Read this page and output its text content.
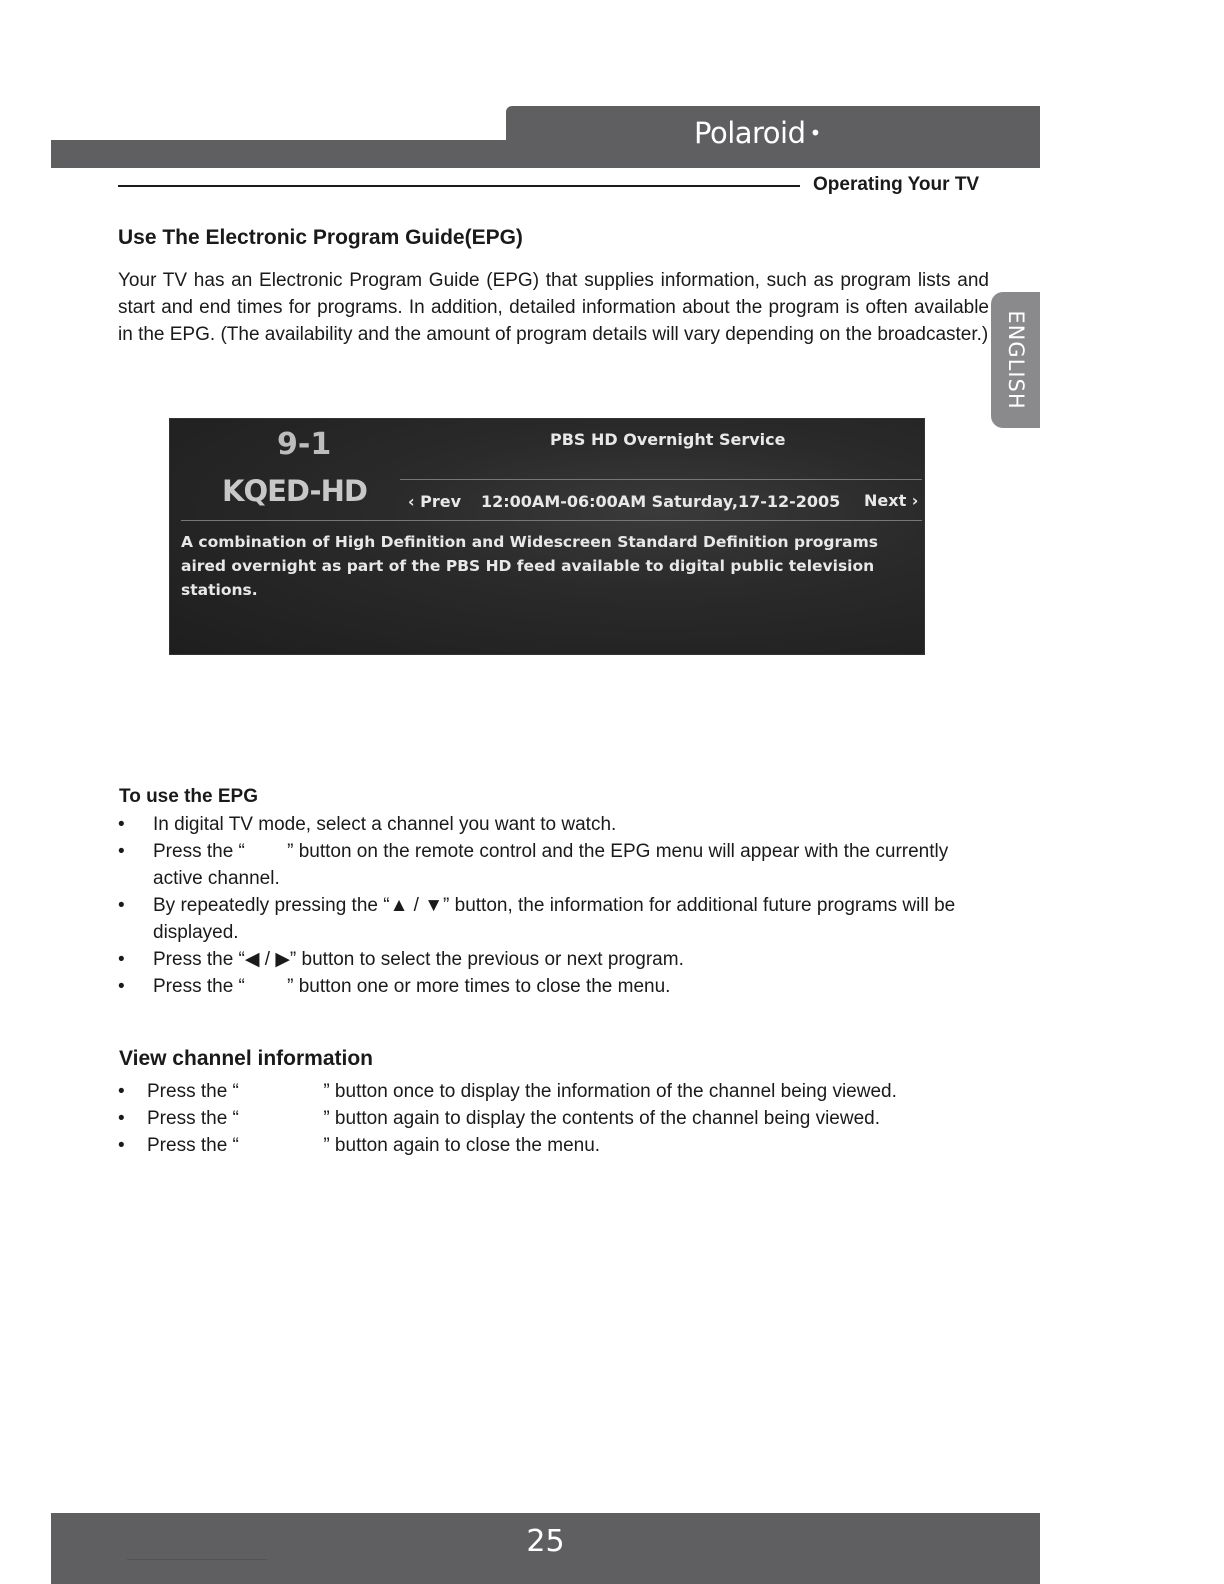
Polaroid •
Operating Your TV
ENGLISH
Use The Electronic Program Guide(EPG)

Your TV has an Electronic Program Guide (EPG) that supplies information, such as program lists and start and end times for programs. In addition, detailed information about the program is often available in the EPG. (The availability and the amount of program details will vary depending on the broadcaster.)

9-1
KQED-HD
PBS HD Overnight Service
‹ Prev 12:00AM-06:00AM Saturday,17-12-2005 Next ›
A combination of High Definition and Widescreen Standard Definition programs aired overnight as part of the PBS HD feed available to digital public television stations.
To use the EPG
• In digital TV mode, select a channel you want to watch.
• Press the “        ” button on the remote control and the EPG menu will appear with the currently active channel.
• By repeatedly pressing the “▲ / ▼” button, the information for additional future programs will be displayed.
• Press the “◀ / ▶” button to select the previous or next program.
• Press the “        ” button one or more times to close the menu.
View channel information
• Press the “                ” button once to display the information of the channel being viewed.
• Press the “                ” button again to display the contents of the channel being viewed.
• Press the “                ” button again to close the menu.
25
